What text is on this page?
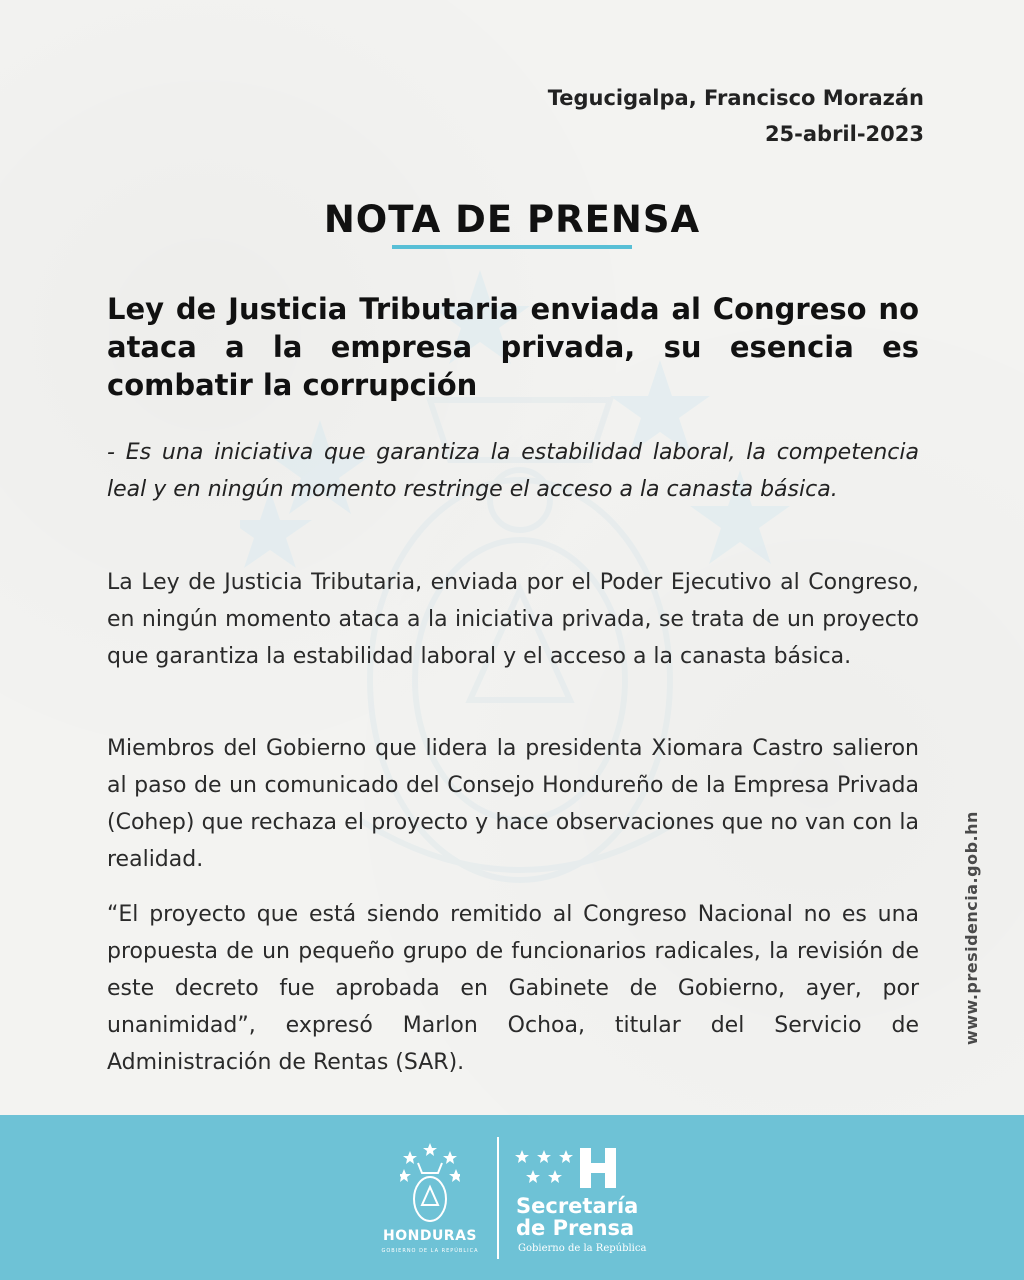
Tegucigalpa, Francisco Morazán
25-abril-2023
NOTA DE PRENSA
Ley de Justicia Tributaria enviada al Congreso no ataca a la empresa privada, su esencia es combatir la corrupción
- Es una iniciativa que garantiza la estabilidad laboral, la competencia leal y en ningún momento restringe el acceso a la canasta básica.
La Ley de Justicia Tributaria, enviada por el Poder Ejecutivo al Congreso, en ningún momento ataca a la iniciativa privada, se trata de un proyecto que garantiza la estabilidad laboral y el acceso a la canasta básica.
Miembros del Gobierno que lidera la presidenta Xiomara Castro salieron al paso de un comunicado del Consejo Hondureño de la Empresa Privada (Cohep) que rechaza el proyecto y hace observaciones que no van con la realidad.
“El proyecto que está siendo remitido al Congreso Nacional no es una propuesta de un pequeño grupo de funcionarios radicales, la revisión de este decreto fue aprobada en Gabinete de Gobierno, ayer, por unanimidad”, expresó Marlon Ochoa, titular del Servicio de Administración de Rentas (SAR).
www.presidencia.gob.hn
HONDURAS
GOBIERNO DE LA REPÚBLICA
Secretaría
de Prensa
Gobierno de la República
